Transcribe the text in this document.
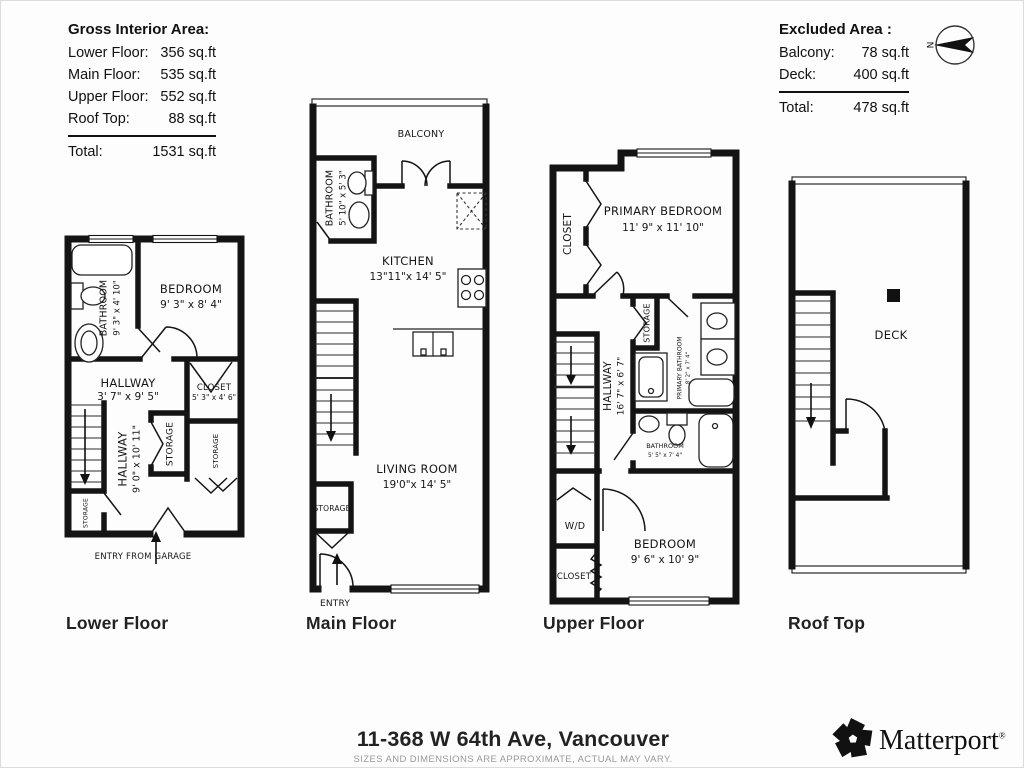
Gross Interior Area:
Lower Floor: 356 sq.ft
Main Floor: 535 sq.ft
Upper Floor: 552 sq.ft
Roof Top:	88 sq.ft
Total:	1531 sq.ft
Excluded Area :
Balcony: 78 sq.ft
Deck:	400 sq.ft
Total:	478 sq.ft
N
BATHROOM 9' 3" x 4' 10"	BEDROOM
9' 3" x 8' 4"
HALLWAY
3' 7" x 9' 5"
CLOSET
5' 3" x 4' 6"
HALLWAY 9' 0" x 10' 11"	STORAGE	STORAGE
STORAGE
ENTRY FROM GARAGE
BALCONY
BATHROOM 5' 10" x 5' 3"
KITCHEN
13"11"x 14' 5"
LIVING ROOM
19'0"x 14' 5"
STORAGE
ENTRY
CLOSET
PRIMARY BEDROOM
11' 9" x 11' 10"
STORAGE
HALLWAY 16' 7" x 6' 7"	PRIMARY BATHROOM 8' 2" x 7' 4"
BATHROOM
5' 5" x 7' 4"
W/D
BEDROOM
9' 6" x 10' 9"
CLOSET
DECK
Lower Floor	Main Floor	Upper Floor	Roof Top
11-368 W 64th Ave, Vancouver
SIZES AND DIMENSIONS ARE APPROXIMATE, ACTUAL MAY VARY.
Matterport®
